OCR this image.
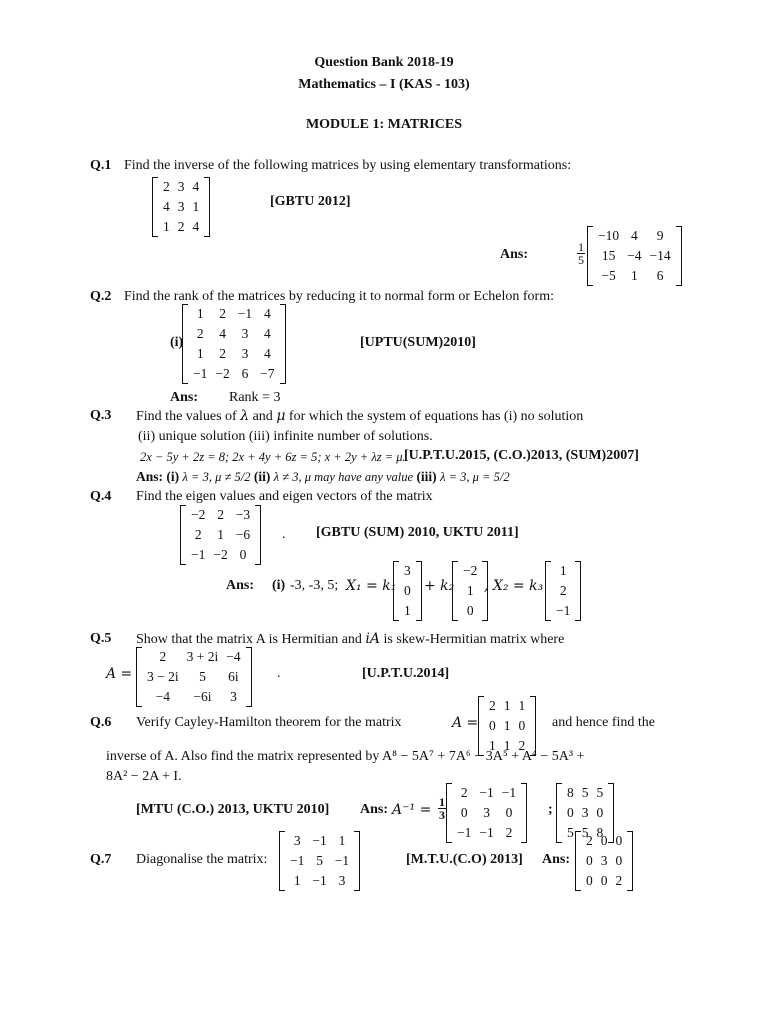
Question Bank 2018-19
Mathematics – I (KAS - 103)
MODULE 1: MATRICES
Q.1 Find the inverse of the following matrices by using elementary transformations:
2	3	4
4	3	1
1	2	4
[GBTU 2012]
Ans:	$\frac{1}{5}$
−10	4	9
15	−4	−14
−5	1	6
Q.2 Find the rank of the matrices by reducing it to normal form or Echelon form:
(i)
1	2	−1	4
2	4	3	4
1	2	3	4
−1	−2	6	−7
[UPTU(SUM)2010]
Ans: Rank = 3
Q.3 Find the values of λ and μ for which the system of equations has (i) no solution
(ii) unique solution (iii) infinite number of solutions.
2x − 5y + 2z = 8; 2x + 4y + 6z = 5; x + 2y + λz = μ.
[U.P.T.U.2015, (C.O.)2013, (SUM)2007]
Ans: (i) λ = 3, μ ≠ 5/2 (ii) λ ≠ 3, μ may have any value (iii) λ = 3, μ = 5/2
Q.4 Find the eigen values and eigen vectors of the matrix
−2	2	−3
2	1	−6
−1	−2	0
. [GBTU (SUM) 2010, UKTU 2011]
Ans: (i) -3, -3, 5; X₁ = k₁
3
0
1
+ k₂
−2
1
0
, X₂ = k₃
1
2
−1
Q.5 Show that the matrix A is Hermitian and iA is skew-Hermitian matrix where
A =
2	3 + 2i	−4
3 − 2i	5	6i
−4	−6i	3
.	[U.P.T.U.2014]
Q.6 Verify Cayley-Hamilton theorem for the matrix	A =
2	1	1
0	1	0
1	1	2
and hence find the
inverse of A. Also find the matrix represented by A⁸ − 5A⁷ + 7A⁶ − 3A⁵ + A⁴ − 5A³ +
8A² − 2A + I.
[MTU (C.O.) 2013, UKTU 2010] Ans: $A^{-1} = \frac{1}{3}$
2	−1	−1
0	3	0
−1	−1	2
;
8	5	5
0	3	0
5	5	8
Q.7 Diagonalise the matrix:
3	−1	1
−1	5	−1
1	−1	3
[M.T.U.(C.O) 2013] Ans:
2	0	0
0	3	0
0	0	2
